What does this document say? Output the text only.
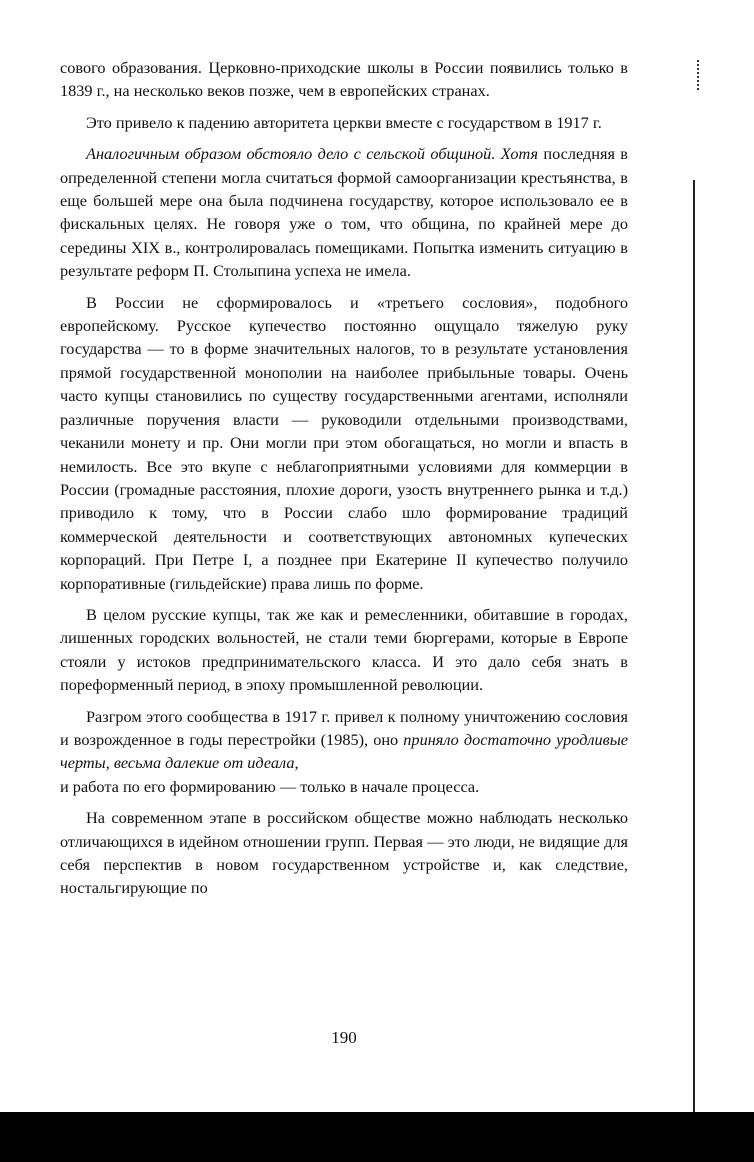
сового образования. Церковно-приходские школы в России появились только в 1839 г., на несколько веков позже, чем в европейских странах.

Это привело к падению авторитета церкви вместе с государством в 1917 г.

Аналогичным образом обстояло дело с сельской общиной. Хотя последняя в определенной степени могла считаться формой самоорганизации крестьянства, в еще большей мере она была подчинена государству, которое использовало ее в фискальных целях. Не говоря уже о том, что община, по крайней мере до середины XIX в., контролировалась помещиками. Попытка изменить ситуацию в результате реформ П. Столыпина успеха не имела.

В России не сформировалось и «третьего сословия», подобного европейскому. Русское купечество постоянно ощущало тяжелую руку государства — то в форме значительных налогов, то в результате установления прямой государственной монополии на наиболее прибыльные товары. Очень часто купцы становились по существу государственными агентами, исполняли различные поручения власти — руководили отдельными производствами, чеканили монету и пр. Они могли при этом обогащаться, но могли и впасть в немилость. Все это вкупе с неблагоприятными условиями для коммерции в России (громадные расстояния, плохие дороги, узость внутреннего рынка и т.д.) приводило к тому, что в России слабо шло формирование традиций коммерческой деятельности и соответствующих автономных купеческих корпораций. При Петре I, а позднее при Екатерине II купечество получило корпоративные (гильдейские) права лишь по форме.

В целом русские купцы, так же как и ремесленники, обитавшие в городах, лишенных городских вольностей, не стали теми бюргерами, которые в Европе стояли у истоков предпринимательского класса. И это дало себя знать в пореформенный период, в эпоху промышленной революции.

Разгром этого сообщества в 1917 г. привел к полному уничтожению сословия и возрожденное в годы перестройки (1985), оно приняло достаточно уродливые черты, весьма далекие от идеала,
и работа по его формированию — только в начале процесса.

На современном этапе в российском обществе можно наблюдать несколько отличающихся в идейном отношении групп. Первая — это люди, не видящие для себя перспектив в новом государственном устройстве и, как следствие, ностальгирующие по

190
